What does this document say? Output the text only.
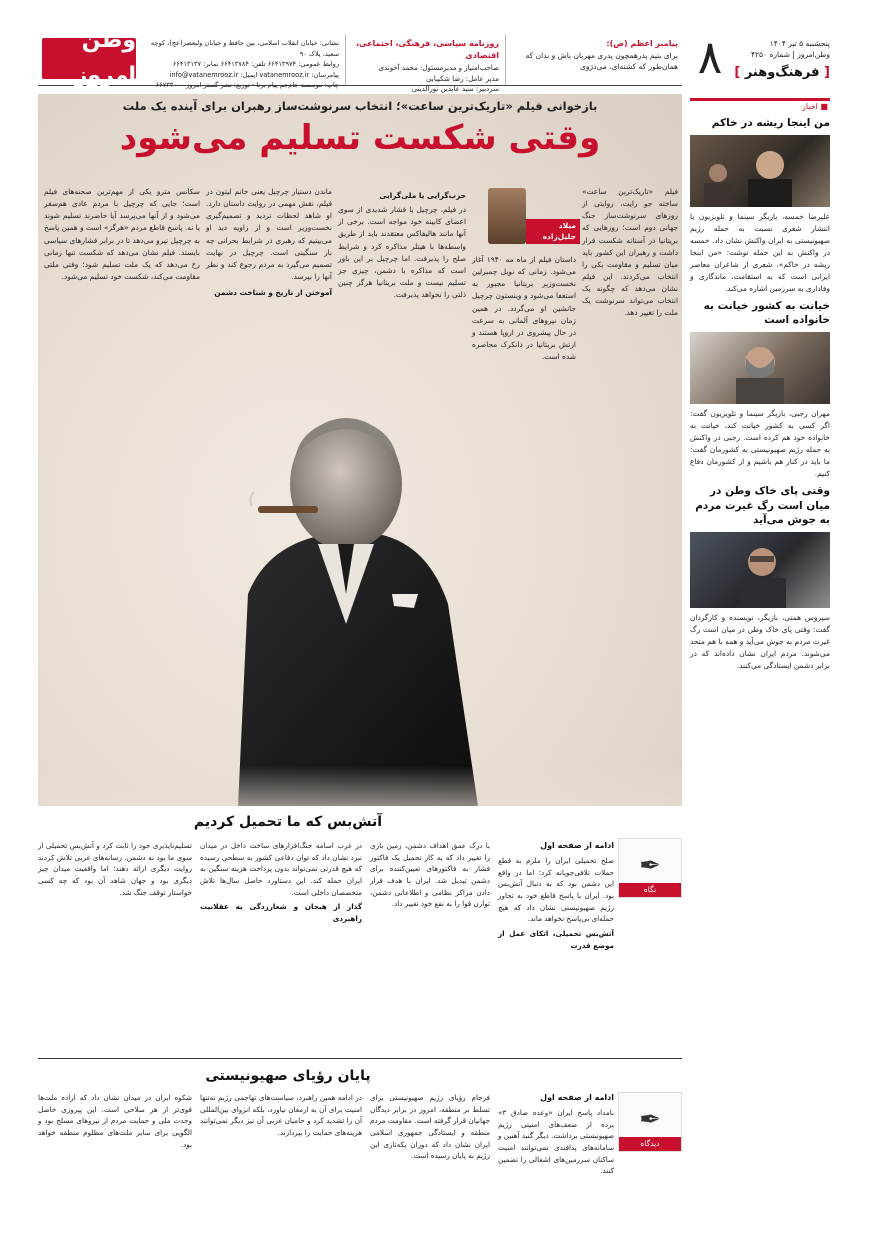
پیامبر اعظم (ص):
برای یتیم پدر‌همچون پدری مهربان باش و بدان که همان‌طور که کشته‌ای، می‌درَوی
روزنامه سیاسی، فرهنگی، اجتماعی، اقتصادی
صاحب‌امتیاز و مدیرمسئول: محمد آخوندی
مدیر عامل: رضا شکیبایی
سردبیر: سید عابدین نورالدینی
نشانی: خیابان انقلاب اسلامی، بین حافظ و خیابان ولیعصر(عج)، کوچه سعید، پلاک ۹۰
روابط عمومی: ۶۶۴۱۳۹۷۴ تلفن: ۶۶۴۱۳۷۸۴ نمابر: ۶۶۴۱۳۱۳۷
پیامرسان: vatanemrooz.ir ایمیل: info@vatanemrooz.ir
چاپ: موسسه جام‌جم پیام برنا - توزیع: نشر گستر امروز ۶۶۲۳۳۰۰۰
وطن امروز
پنجشنبه ۵ تیر ۱۴۰۴
وطن‌امروز | شماره ۴۲۵۰
[ فرهنگ‌وهنر ]
۸
■ اخبار
من اینجا ریشه در خاکم

علیرضا خمسه، بازیگر سینما و تلویزیون با انتشار شعری نسبت به حمله رژیم صهیونیستی به ایران واکنش نشان داد. خمسه در واکنش به این حمله نوشت: «من اینجا ریشه در خاکم»، شعری از شاعران معاصر ایرانی است که به استقامت، ماندگاری و وفاداری به سرزمین اشاره می‌کند.

خیانت به کشور خیانت به خانواده است

مهران رجبی، بازیگر سینما و تلویزیون گفت: اگر کسی به کشور خیانت کند، خیانت به خانواده خود هم کرده است. رجبی در واکنش به حمله رژیم صهیونیستی به کشورمان گفت: ما باید در کنار هم باشیم و از کشورمان دفاع کنیم.

وقتی پای خاک وطن در میان است رگ غیرت مردم به جوش می‌آید

سیروس همتی، بازیگر، نویسنده و کارگردان گفت: وقتی پای خاک وطن در میان است رگ غیرت مردم به جوش می‌آید و همه با هم متحد می‌شوند. مردم ایران نشان داده‌اند که در برابر دشمن ایستادگی می‌کنند.

بازخوانی فیلم «تاریک‌ترین ساعت»؛ انتخاب سرنوشت‌ساز رهبران برای آینده یک ملت
وقتی شکست تسلیم می‌شود
میلاد جلیل‌زاده
فیلم «تاریک‌ترین ساعت» ساخته جو رایت، روایتی از روزهای سرنوشت‌ساز جنگ جهانی دوم است؛ روزهایی که بریتانیا در آستانه شکست قرار داشت و رهبران این کشور باید میان تسلیم و مقاومت یکی را انتخاب می‌کردند. این فیلم نشان می‌دهد که چگونه یک انتخاب می‌تواند سرنوشت یک ملت را تغییر دهد.
داستان فیلم از ماه مه ۱۹۴۰ آغاز می‌شود. زمانی که نویل چمبرلین نخست‌وزیر بریتانیا مجبور به استعفا می‌شود و وینستون چرچیل جانشین او می‌گردد. در همین زمان نیروهای آلمانی به سرعت در حال پیشروی در اروپا هستند و ارتش بریتانیا در دانکرک محاصره شده است.
حزب‌گرایی یا ملی‌گرایی
در فیلم، چرچیل با فشار شدیدی از سوی اعضای کابینه خود مواجه است. برخی از آنها مانند هالیفاکس معتقدند باید از طریق واسطه‌ها با هیتلر مذاکره کرد و شرایط صلح را پذیرفت. اما چرچیل بر این باور است که مذاکره با دشمن، چیزی جز تسلیم نیست و ملت بریتانیا هرگز چنین ذلتی را نخواهد پذیرفت.
ماندن دستیار چرچیل یعنی خانم لیتون در فیلم، نقش مهمی در روایت داستان دارد. او شاهد لحظات تردید و تصمیم‌گیری نخست‌وزیر است و از زاویه دید او می‌بینیم که رهبری در شرایط بحرانی چه بار سنگینی است. چرچیل در نهایت تصمیم می‌گیرد به مردم رجوع کند و نظر آنها را بپرسد.
آموختن از تاریخ و شناخت دشمن
سکانس مترو یکی از مهم‌ترین صحنه‌های فیلم است؛ جایی که چرچیل با مردم عادی هم‌سفر می‌شود و از آنها می‌پرسد آیا حاضرند تسلیم شوند یا نه. پاسخ قاطع مردم «هرگز» است و همین پاسخ به چرچیل نیرو می‌دهد تا در برابر فشارهای سیاسی بایستد. فیلم نشان می‌دهد که شکست تنها زمانی رخ می‌دهد که یک ملت تسلیم شود؛ وقتی ملتی مقاومت می‌کند، شکست خود تسلیم می‌شود.
آتش‌بس که ما تحمیل کردیم
✒
نگاه
ادامه از صفحه اول
صلح تحمیلی ایران را ملزم به قطع حملات تلافی‌جویانه کرد؛ اما در واقع این دشمن بود که به دنبال آتش‌بس بود. ایران با پاسخ قاطع خود به تجاوز رژیم صهیونیستی نشان داد که هیچ حمله‌ای بی‌پاسخ نخواهد ماند.
آتش‌بس تحمیلی، اتکای عمل از موضع قدرت
با درک عمق اهداف دشمن، زمین بازی را تغییر داد که به کار تحمیل یک فاکتور فشار به فاکتورهای تعیین‌کننده برای دشمن تبدیل شد. ایران با هدف قرار دادن مراکز نظامی و اطلاعاتی دشمن، توازن قوا را به نفع خود تغییر داد.
در غرب اسامه جنگ‌افزارهای ساخت داخل در میدان نبرد نشان داد که توان دفاعی کشور به سطحی رسیده که هیچ قدرتی نمی‌تواند بدون پرداخت هزینه سنگین به ایران حمله کند. این دستاورد حاصل سال‌ها تلاش متخصصان داخلی است.
گذار از هیجان و شعارزدگی به عقلانیت راهبردی
تسلیم‌ناپذیری خود را ثابت کرد و آتش‌بس تحمیلی از سوی ما بود نه دشمن. رسانه‌های غربی تلاش کردند روایت دیگری ارائه دهند؛ اما واقعیت میدان چیز دیگری بود و جهان شاهد آن بود که چه کسی خواستار توقف جنگ شد.
پایان رؤیای صهیونیستی
✒
دیدگاه
ادامه از صفحه اول
بامداد پاسخ ایران «وعده صادق ۳» پرده از ضعف‌های امنیتی رژیم صهیونیستی برداشت. دیگر گنبد آهنین و سامانه‌های پدافندی نمی‌توانند امنیت ساکنان سرزمین‌های اشغالی را تضمین کنند.
فرجام رؤیای رژیم صهیونیستی برای تسلط بر منطقه، امروز در برابر دیدگان جهانیان قرار گرفته است. مقاومت مردم منطقه و ایستادگی جمهوری اسلامی ایران نشان داد که دوران یکه‌تازی این رژیم به پایان رسیده است.
در ادامه همین راهبرد، سیاست‌های تهاجمی رژیم نه‌تنها امنیت برای آن به ارمغان نیاورد، بلکه انزوای بین‌المللی آن را تشدید کرد و حامیان غربی آن نیز دیگر نمی‌توانند هزینه‌های حمایت را بپردازند.
شکوه ایران در میدان نشان داد که اراده ملت‌ها قوی‌تر از هر سلاحی است. این پیروزی حاصل وحدت ملی و حمایت مردم از نیروهای مسلح بود و الگویی برای سایر ملت‌های مظلوم منطقه خواهد بود.
